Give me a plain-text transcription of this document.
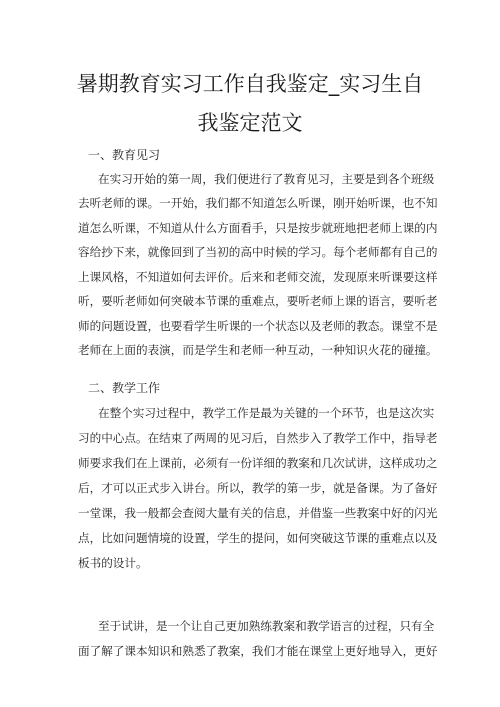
暑期教育实习工作自我鉴定_实习生自
我鉴定范文
一、教育见习
在实习开始的第一周，我们便进行了教育见习，主要是到各个班级
去听老师的课。一开始，我们都不知道怎么听课，刚开始听课，也不知
道怎么听课，不知道从什么方面看手，只是按步就班地把老师上课的内
容给抄下来，就像回到了当初的高中时候的学习。每个老师都有自己的
上课风格，不知道如何去评价。后来和老师交流，发现原来听课要这样
听，要听老师如何突破本节课的重难点，要听老师上课的语言，要听老
师的问题设置，也要看学生听课的一个状态以及老师的教态。课堂不是
老师在上面的表演，而是学生和老师一种互动，一种知识火花的碰撞。
二、教学工作
在整个实习过程中，教学工作是最为关键的一个环节，也是这次实
习的中心点。在结束了两周的见习后，自然步入了教学工作中，指导老
师要求我们在上课前，必须有一份详细的教案和几次试讲，这样成功之
后，才可以正式步入讲台。所以，教学的第一步，就是备课。为了备好
一堂课，我一般都会查阅大量有关的信息，并借鉴一些教案中好的闪光
点，比如问题情境的设置，学生的提问，如何突破这节课的重难点以及
板书的设计。
至于试讲，是一个让自己更加熟练教案和教学语言的过程，只有全
面了解了课本知识和熟悉了教案，我们才能在课堂上更好地导入，更好
